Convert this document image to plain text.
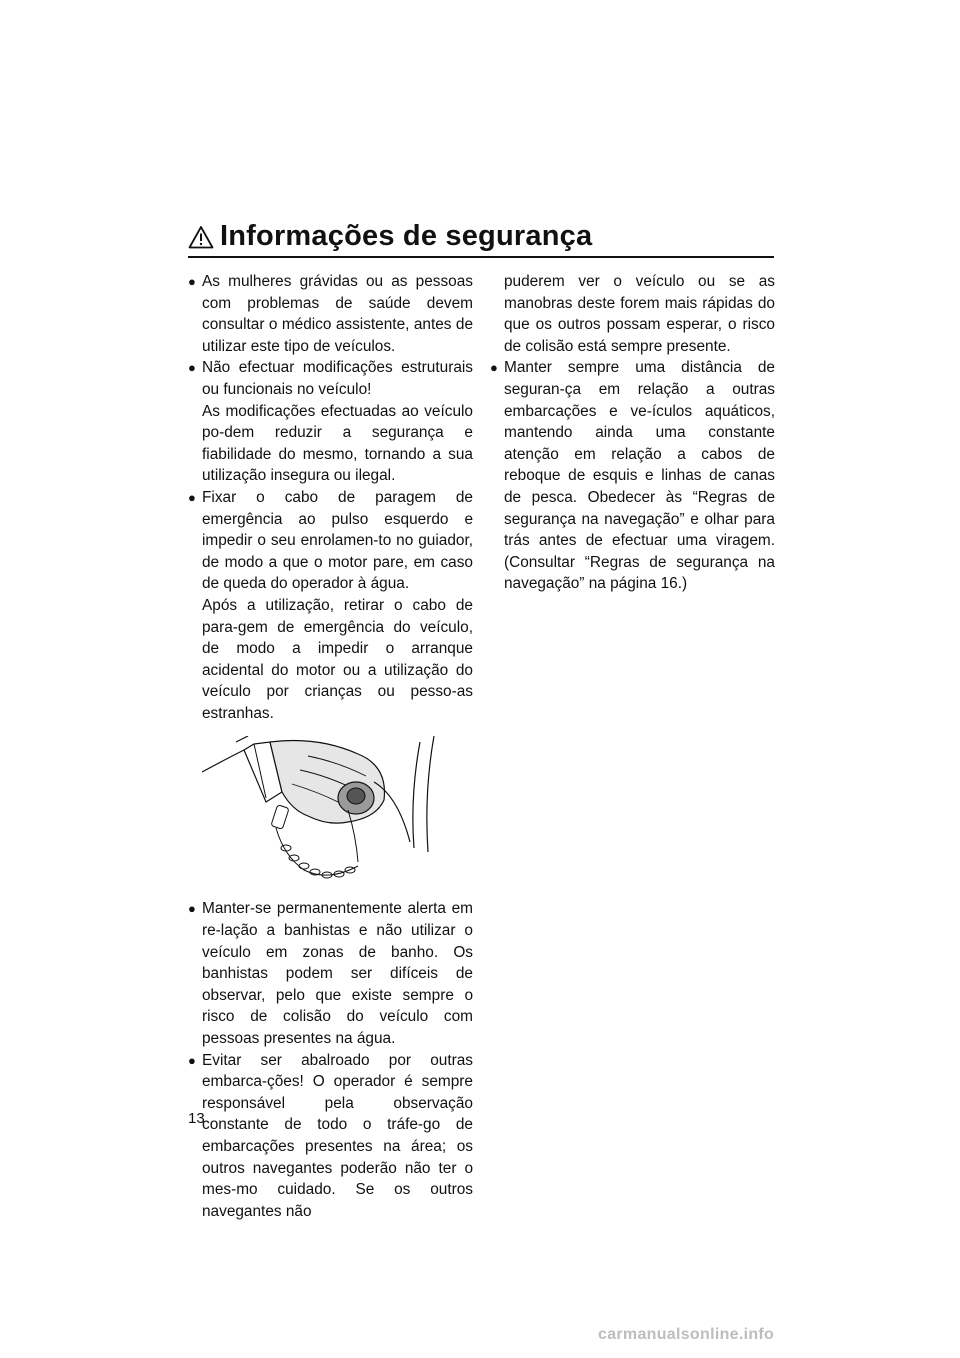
Informações de segurança
● As mulheres grávidas ou as pessoas com problemas de saúde devem consultar o médico assistente, antes de utilizar este tipo de veículos.
● Não efectuar modificações estruturais ou funcionais no veículo!
As modificações efectuadas ao veículo po-dem reduzir a segurança e fiabilidade do mesmo, tornando a sua utilização insegura ou ilegal.
● Fixar o cabo de paragem de emergência ao pulso esquerdo e impedir o seu enrolamen-to no guiador, de modo a que o motor pare, em caso de queda do operador à água.
Após a utilização, retirar o cabo de para-gem de emergência do veículo, de modo a impedir o arranque acidental do motor ou a utilização do veículo por crianças ou pesso-as estranhas.
● Manter-se permanentemente alerta em re-lação a banhistas e não utilizar o veículo em zonas de banho. Os banhistas podem ser difíceis de observar, pelo que existe sempre o risco de colisão do veículo com pessoas presentes na água.
● Evitar ser abalroado por outras embarca-ções! O operador é sempre responsável pela observação constante de todo o tráfe-go de embarcações presentes na área; os outros navegantes poderão não ter o mes-mo cuidado. Se os outros navegantes não
puderem ver o veículo ou se as manobras deste forem mais rápidas do que os outros possam esperar, o risco de colisão está sempre presente.
● Manter sempre uma distância de seguran-ça em relação a outras embarcações e ve-ículos aquáticos, mantendo ainda uma constante atenção em relação a cabos de reboque de esquis e linhas de canas de pesca. Obedecer às “Regras de segurança na navegação” e olhar para trás antes de efectuar uma viragem. (Consultar “Regras de segurança na navegação” na página 16.)
13
carmanualsonline.info
